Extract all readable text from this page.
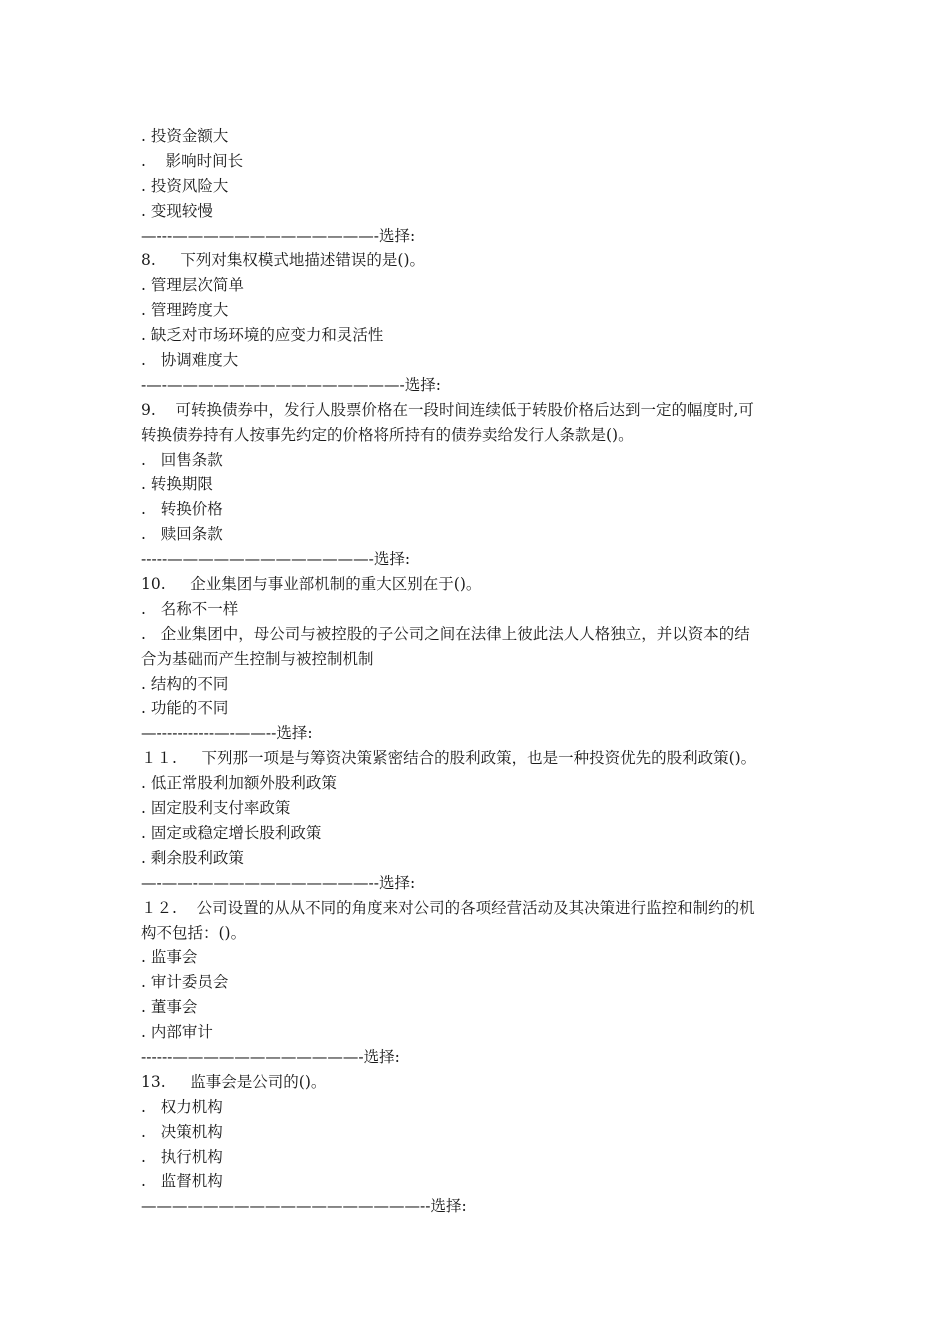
. 投资金额大
.    影响时间长
. 投资风险大
. 变现较慢
—---—————————————-选择:
8.     下列对集权模式地描述错误的是()。
. 管理层次简单
. 管理跨度大
. 缺乏对市场环境的应变力和灵活性
.   协调难度大
-—-———————————————-选择:
9.    可转换债券中，发行人股票价格在一段时间连续低于转股价格后达到一定的幅度时,可
转换债券持有人按事先约定的价格将所持有的债券卖给发行人条款是()。
.   回售条款
. 转换期限
.   转换价格
.   赎回条款
-----—————————————-选择:
10.     企业集团与事业部机制的重大区别在于()。
.   名称不一样
.   企业集团中，母公司与被控股的子公司之间在法律上彼此法人人格独立，并以资本的结
合为基础而产生控制与被控制机制
. 结构的不同
. 功能的不同
—-----------—-——--选择:
１１.     下列那一项是与筹资决策紧密结合的股利政策，也是一种投资优先的股利政策()。
. 低正常股利加额外股利政策
. 固定股利支付率政策
. 固定或稳定增长股利政策
. 剩余股利政策
—-——-———————————--选择:
１２.    公司设置的从从不同的角度来对公司的各项经营活动及其决策进行监控和制约的机
构不包括：()。
. 监事会
. 审计委员会
. 董事会
. 内部审计
------————————————-选择:
13.     监事会是公司的()。
.   权力机构
.   决策机构
.   执行机构
.   监督机构
——————————————————--选择:
